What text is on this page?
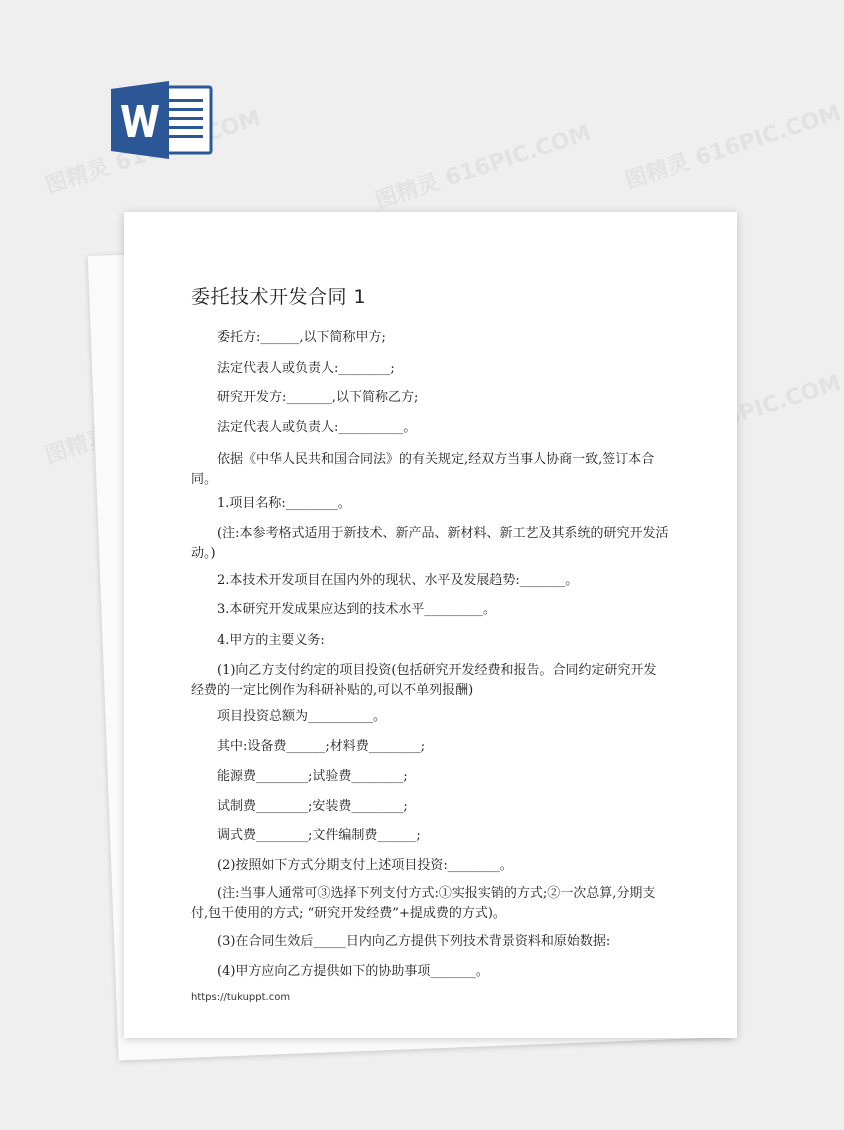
图精灵	图精灵 616PIC.COM 图精灵 616PIC.COM
图精灵
616PIC.COM
委托技术开发合同 1

委托方:______,以下简称甲方;

法定代表人或负责人:________;

研究开发方:_______,以下简称乙方;

法定代表人或负责人:__________。

依据《中华人民共和国合同法》的有关规定,经双方当事人协商一致,签订本合同。

1.项目名称:________。

(注:本参考格式适用于新技术、新产品、新材料、新工艺及其系统的研究开发活动。)

2.本技术开发项目在国内外的现状、水平及发展趋势:_______。

3.本研究开发成果应达到的技术水平_________。

4.甲方的主要义务:

(1)向乙方支付约定的项目投资(包括研究开发经费和报告。合同约定研究开发经费的一定比例作为科研补贴的,可以不单列报酬)

项目投资总额为__________。

其中:设备费______;材料费________;

能源费________;试验费________;

试制费________;安装费________;

调式费________;文件编制费______;

(2)按照如下方式分期支付上述项目投资:________。

(注:当事人通常可③选择下列支付方式:①实报实销的方式;②一次总算,分期支付,包干使用的方式; “研究开发经费”+提成费的方式)。

(3)在合同生效后_____日内向乙方提供下列技术背景资料和原始数据:

(4)甲方应向乙方提供如下的协助事项_______。

https://tukuppt.com
